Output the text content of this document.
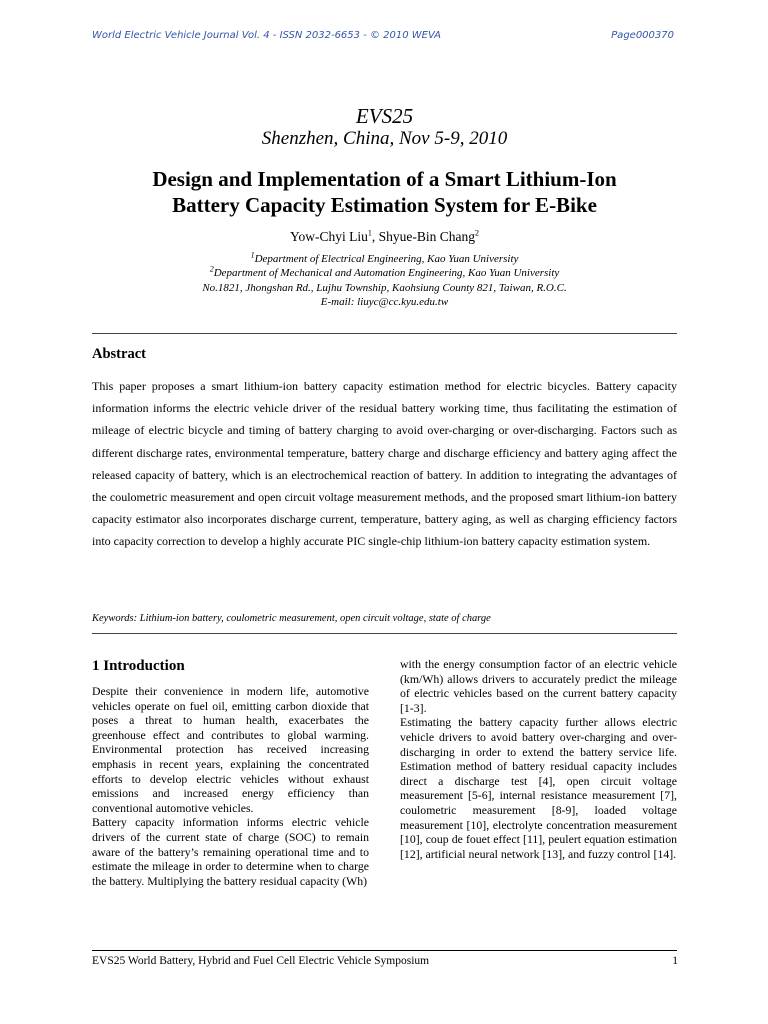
World Electric Vehicle Journal Vol. 4 - ISSN 2032-6653 - © 2010 WEVA	Page000370
EVS25
Shenzhen, China, Nov 5-9, 2010
Design and Implementation of a Smart Lithium-Ion
Battery Capacity Estimation System for E-Bike
Yow-Chyi Liu$^1$, Shyue-Bin Chang$^2$
$^1$Department of Electrical Engineering, Kao Yuan University
$^2$Department of Mechanical and Automation Engineering, Kao Yuan University
No.1821, Jhongshan Rd., Lujhu Township, Kaohsiung County 821, Taiwan, R.O.C.
E-mail: liuyc@cc.kyu.edu.tw
Abstract
This paper proposes a smart lithium-ion battery capacity estimation method for electric bicycles. Battery capacity information informs the electric vehicle driver of the residual battery working time, thus facilitating the estimation of mileage of electric bicycle and timing of battery charging to avoid over-charging or over-discharging. Factors such as different discharge rates, environmental temperature, battery charge and discharge efficiency and battery aging affect the released capacity of battery, which is an electrochemical reaction of battery. In addition to integrating the advantages of the coulometric measurement and open circuit voltage measurement methods, and the proposed smart lithium-ion battery capacity estimator also incorporates discharge current, temperature, battery aging, as well as charging efficiency factors into capacity correction to develop a highly accurate PIC single-chip lithium-ion battery capacity estimation system.
Keywords: Lithium-ion battery, coulometric measurement, open circuit voltage, state of charge
1 Introduction

Despite their convenience in modern life, automotive vehicles operate on fuel oil, emitting carbon dioxide that poses a threat to human health, exacerbates the greenhouse effect and contributes to global warming. Environmental protection has received increasing emphasis in recent years, explaining the concentrated efforts to develop electric vehicles without exhaust emissions and increased energy efficiency than conventional automotive vehicles.

Battery capacity information informs electric vehicle drivers of the current state of charge (SOC) to remain aware of the battery’s remaining operational time and to estimate the mileage in order to determine when to charge the battery. Multiplying the battery residual capacity (Wh)

with the energy consumption factor of an electric vehicle (km/Wh) allows drivers to accurately predict the mileage of electric vehicles based on the current battery capacity [1-3].

Estimating the battery capacity further allows electric vehicle drivers to avoid battery over-charging and over-discharging in order to extend the battery service life. Estimation method of battery residual capacity includes direct a discharge test [4], open circuit voltage measurement [5-6], internal resistance measurement [7], coulometric measurement [8-9], loaded voltage measurement [10], electrolyte concentration measurement [10], coup de fouet effect [11], peulert equation estimation [12], artificial neural network [13], and fuzzy control [14].

EVS25 World Battery, Hybrid and Fuel Cell Electric Vehicle Symposium	1
